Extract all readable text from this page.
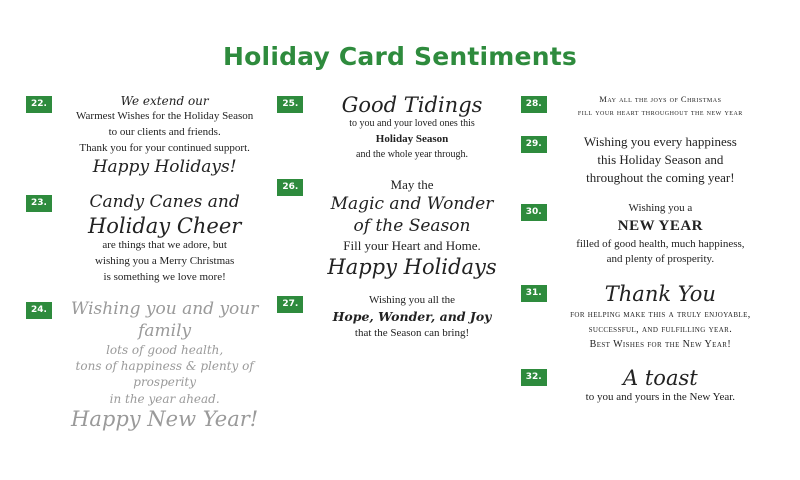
Holiday Card Sentiments
22.	We extend our
Warmest Wishes for the Holiday Season
to our clients and friends.
Thank you for your continued support.
Happy Holidays!
23.	Candy Canes and
Holiday Cheer
are things that we adore, but
wishing you a Merry Christmas
is something we love more!
24.	Wishing you and your family
lots of good health,
tons of happiness & plenty of prosperity
in the year ahead.
Happy New Year!
25.	Good Tidings
to you and your loved ones this
Holiday Season
and the whole year through.
26.	May the
Magic and Wonder
of the Season
Fill your Heart and Home.
Happy Holidays
27.	Wishing you all the
Hope, Wonder, and Joy
that the Season can bring!
28.	May all the joys of Christmas
fill your heart throughout the new year
29.	Wishing you every happiness
this Holiday Season and
throughout the coming year!
30.	Wishing you a
NEW YEAR
filled of good health, much happiness,
and plenty of prosperity.
31.	Thank You
for helping make this a truly enjoyable,
successful, and fulfilling year.
Best Wishes for the New Year!
32.	A toast
to you and yours in the New Year.
